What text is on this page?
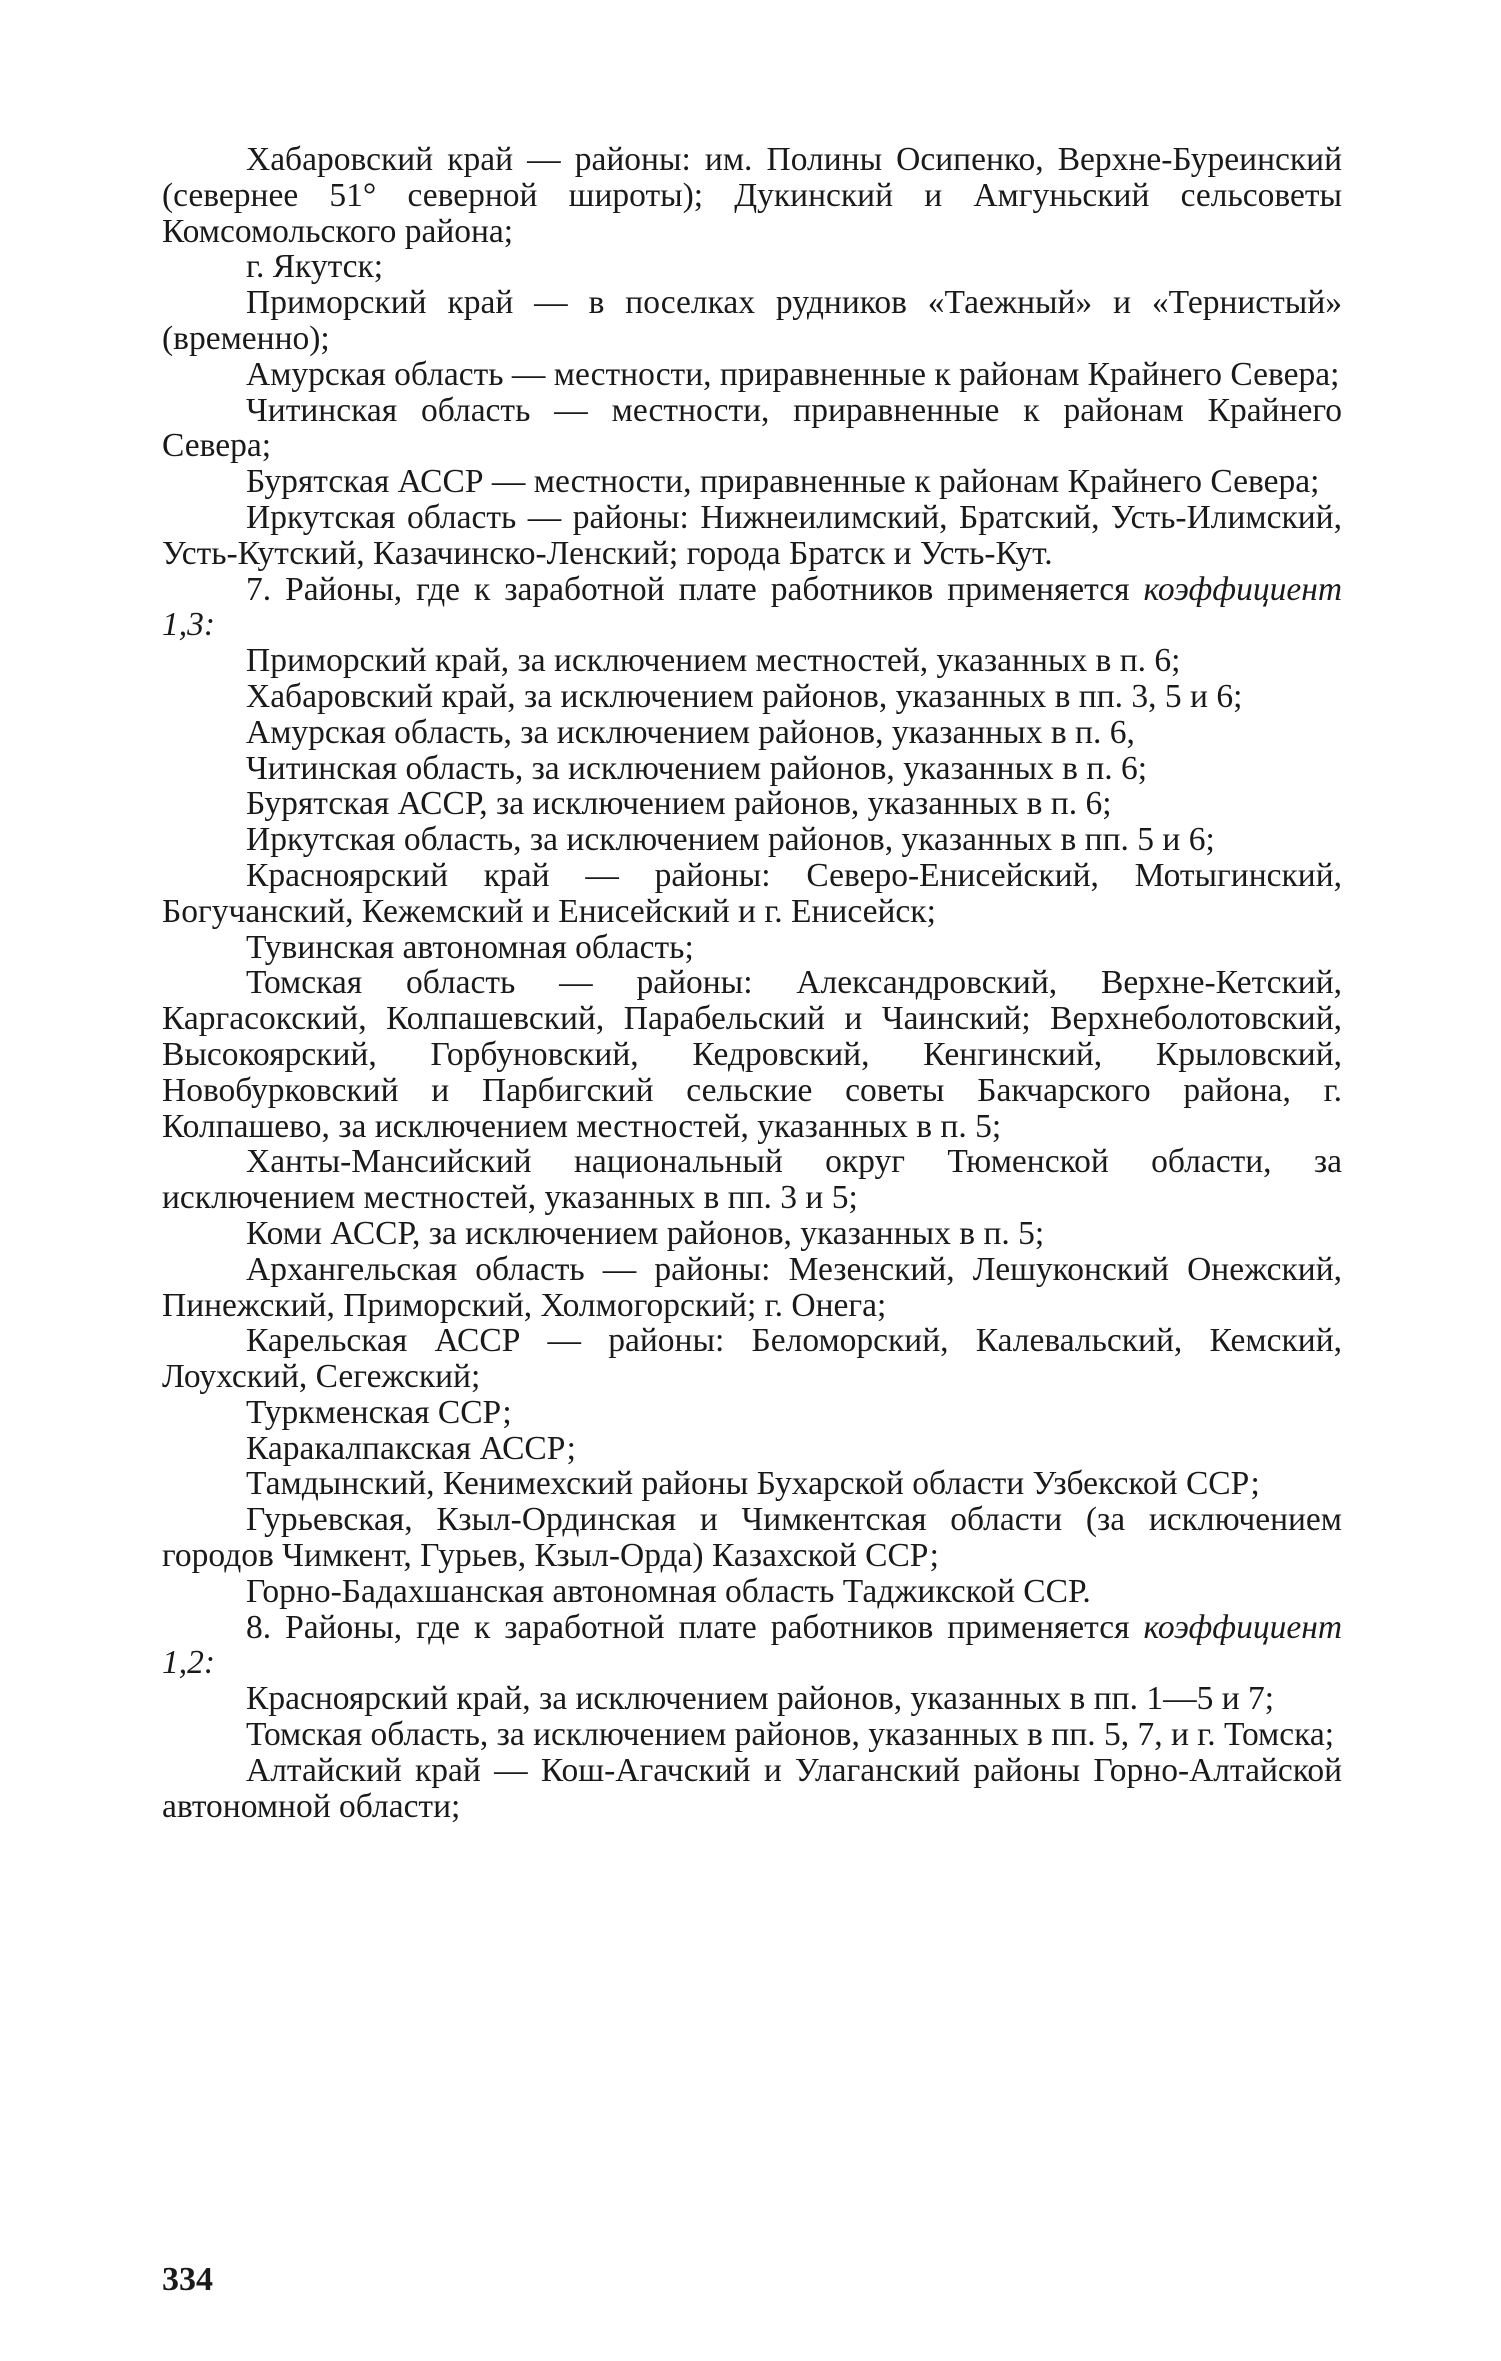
Хабаровский край — районы: им. Полины Осипенко, Верхне-Буреинский (севернее 51° северной широты); Дукинский и Амгуньский сельсоветы Комсомольского района;

г. Якутск;

Приморский край — в поселках рудников «Таежный» и «Тернистый» (временно);

Амурская область — местности, приравненные к районам Крайнего Севера;

Читинская область — местности, приравненные к районам Крайнего Севера;

Бурятская АССР — местности, приравненные к районам Крайнего Севера;

Иркутская область — районы: Нижнеилимский, Братский, Усть-Илимский, Усть-Кутский, Казачинско-Ленский; города Братск и Усть-Кут.

7. Районы, где к заработной плате работников применяется коэффициент 1,3:

Приморский край, за исключением местностей, указанных в п. 6;

Хабаровский край, за исключением районов, указанных в пп. 3, 5 и 6;

Амурская область, за исключением районов, указанных в п. 6,

Читинская область, за исключением районов, указанных в п. 6;

Бурятская АССР, за исключением районов, указанных в п. 6;

Иркутская область, за исключением районов, указанных в пп. 5 и 6;

Красноярский край — районы: Северо-Енисейский, Мотыгинский, Богучанский, Кежемский и Енисейский и г. Енисейск;

Тувинская автономная область;

Томская область — районы: Александровский, Верхне-Кетский, Каргасокский, Колпашевский, Парабельский и Чаинский; Верхнеболотовский, Высокоярский, Горбуновский, Кедровский, Кенгинский, Крыловский, Новобурковский и Парбигский сельские советы Бакчарского района, г. Колпашево, за исключением местностей, указанных в п. 5;

Ханты-Мансийский национальный округ Тюменской области, за исключением местностей, указанных в пп. 3 и 5;

Коми АССР, за исключением районов, указанных в п. 5;

Архангельская область — районы: Мезенский, Лешуконский Онежский, Пинежский, Приморский, Холмогорский; г. Онега;

Карельская АССР — районы: Беломорский, Калевальский, Кемский, Лоухский, Сегежский;

Туркменская ССР;

Каракалпакская АССР;

Тамдынский, Кенимехский районы Бухарской области Узбекской ССР;

Гурьевская, Кзыл-Ординская и Чимкентская области (за исключением городов Чимкент, Гурьев, Кзыл-Орда) Казахской ССР;

Горно-Бадахшанская автономная область Таджикской ССР.

8. Районы, где к заработной плате работников применяется коэффициент 1,2:

Красноярский край, за исключением районов, указанных в пп. 1—5 и 7;

Томская область, за исключением районов, указанных в пп. 5, 7, и г. Томска;

Алтайский край — Кош-Агачский и Улаганский районы Горно-Алтайской автономной области;

334
